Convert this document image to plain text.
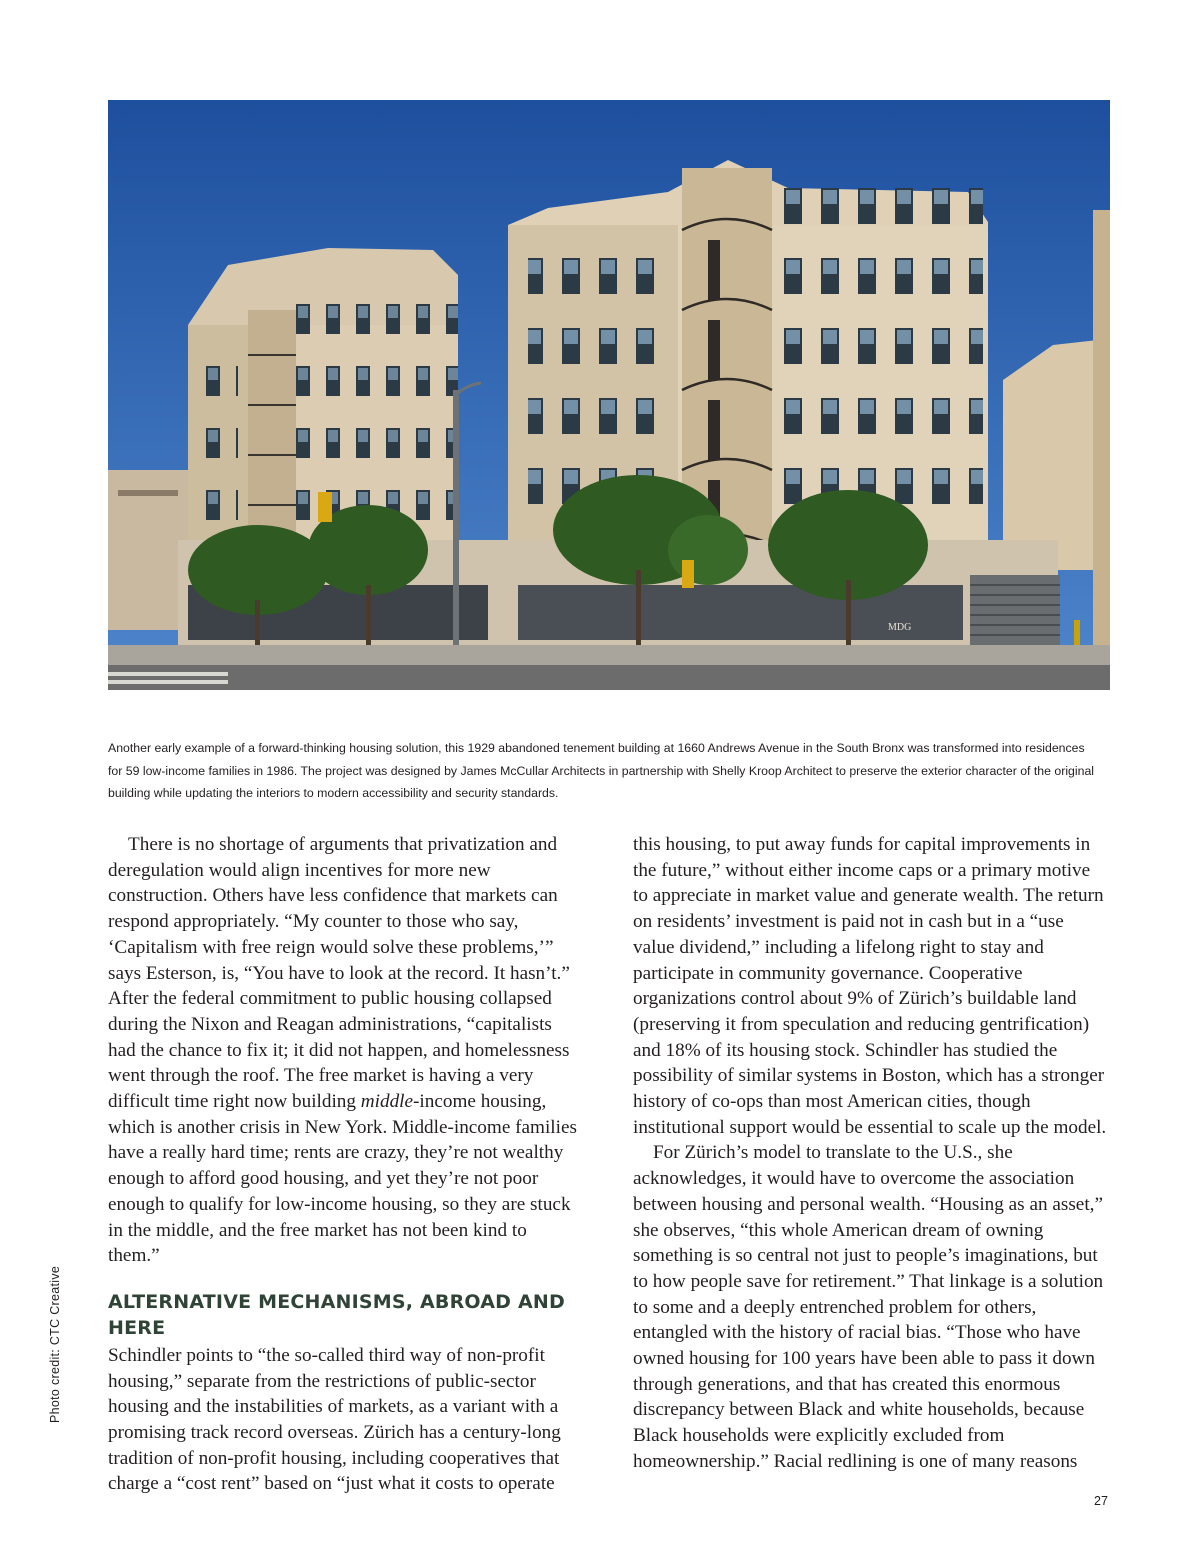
MDG
Another early example of a forward-thinking housing solution, this 1929 abandoned tenement building at 1660 Andrews Avenue in the South Bronx was transformed into residences for 59 low-income families in 1986. The project was designed by James McCullar Architects in partnership with Shelly Kroop Architect to preserve the exterior character of the original building while updating the interiors to modern accessibility and security standards.

There is no shortage of arguments that privatization and deregulation would align incentives for more new construction. Others have less confidence that markets can respond appropriately. “My counter to those who say, ‘Capitalism with free reign would solve these problems,’” says Esterson, is, “You have to look at the record. It hasn’t.” After the federal commitment to public housing collapsed during the Nixon and Reagan administrations, “capitalists had the chance to fix it; it did not happen, and homelessness went through the roof. The free market is having a very difficult time right now building middle-income housing, which is another crisis in New York. Middle-income families have a really hard time; rents are crazy, they’re not wealthy enough to afford good housing, and yet they’re not poor enough to qualify for low-income housing, so they are stuck in the middle, and the free market has not been kind to them.”

ALTERNATIVE MECHANISMS, ABROAD AND HERE

Schindler points to “the so-called third way of non-profit housing,” separate from the restrictions of public-sector housing and the instabilities of markets, as a variant with a promising track record overseas. Zürich has a century-long tradition of non-profit housing, including cooperatives that charge a “cost rent” based on “just what it costs to operate

this housing, to put away funds for capital improvements in the future,” without either income caps or a primary motive to appreciate in market value and generate wealth. The return on residents’ investment is paid not in cash but in a “use value dividend,” including a lifelong right to stay and participate in community governance. Cooperative organizations control about 9% of Zürich’s buildable land (preserving it from speculation and reducing gentrification) and 18% of its housing stock. Schindler has studied the possibility of similar systems in Boston, which has a stronger history of co-ops than most American cities, though institutional support would be essential to scale up the model.

For Zürich’s model to translate to the U.S., she acknowledges, it would have to overcome the association between housing and personal wealth. “Housing as an asset,” she observes, “this whole American dream of owning something is so central not just to people’s imaginations, but to how people save for retirement.” That linkage is a solution to some and a deeply entrenched problem for others, entangled with the history of racial bias. “Those who have owned housing for 100 years have been able to pass it down through generations, and that has created this enormous discrepancy between Black and white households, because Black households were explicitly excluded from homeownership.” Racial redlining is one of many reasons

Photo credit: CTC Creative
27
